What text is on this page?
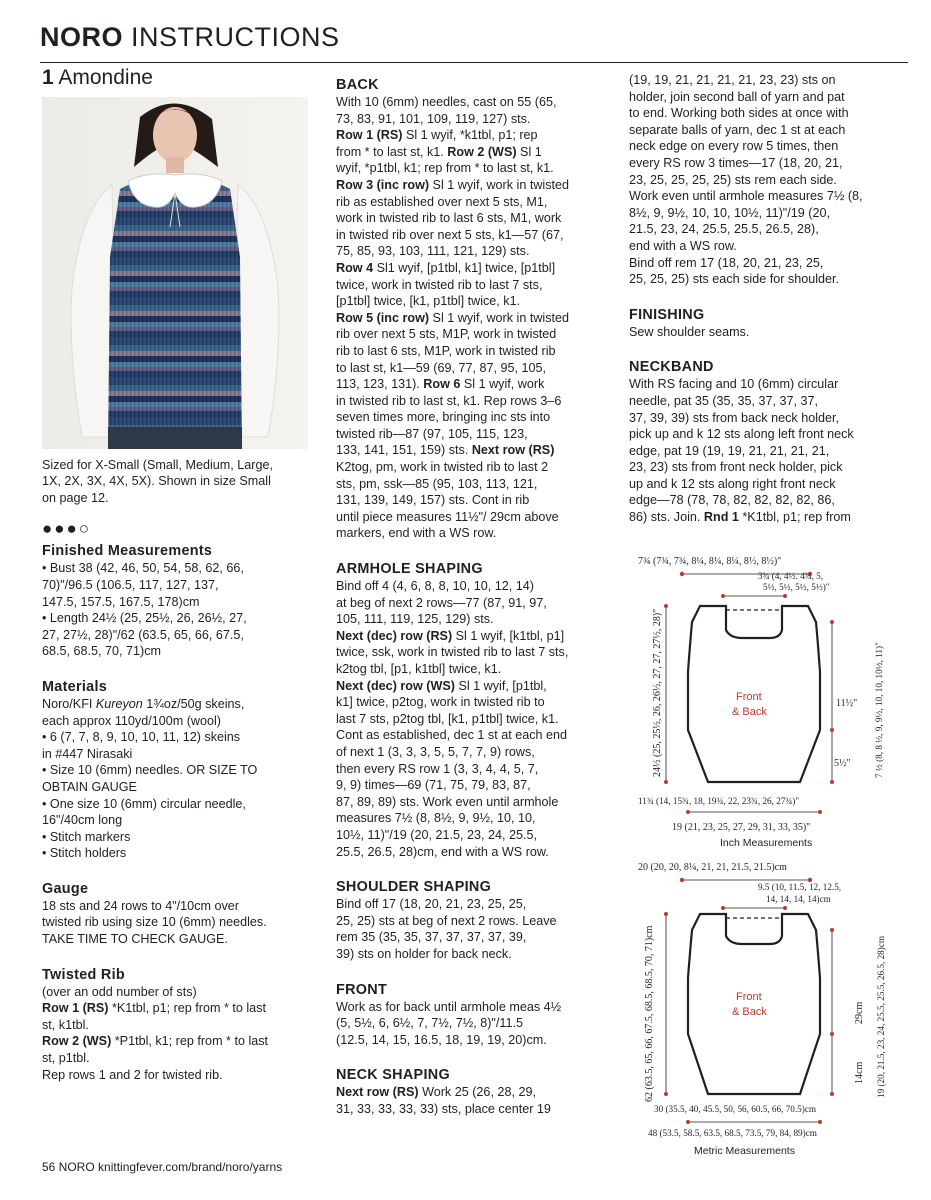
NORO INSTRUCTIONS
1 Amondine

Sized for X-Small (Small, Medium, Large,

1X, 2X, 3X, 4X, 5X). Shown in size Small

on page 12.

●●●○
Finished Measurements

• Bust 38 (42, 46, 50, 54, 58, 62, 66,

70)"/96.5 (106.5, 117, 127, 137,

147.5, 157.5, 167.5, 178)cm

• Length 24½ (25, 25½, 26, 26½, 27,

27, 27½, 28)"/62 (63.5, 65, 66, 67.5,

68.5, 68.5, 70, 71)cm

Materials

Noro/KFI Kureyon 1¾oz/50g skeins,

each approx 110yd/100m (wool)

• 6 (7, 7, 8, 9, 10, 10, 11, 12) skeins

in #447 Nirasaki

• Size 10 (6mm) needles. OR SIZE TO

OBTAIN GAUGE

• One size 10 (6mm) circular needle,

16"/40cm long

• Stitch markers

• Stitch holders

Gauge

18 sts and 24 rows to 4"/10cm over

twisted rib using size 10 (6mm) needles.

TAKE TIME TO CHECK GAUGE.

Twisted Rib

(over an odd number of sts)

Row 1 (RS) *K1tbl, p1; rep from * to last

st, k1tbl.

Row 2 (WS) *P1tbl, k1; rep from * to last

st, p1tbl.

Rep rows 1 and 2 for twisted rib.

BACK

With 10 (6mm) needles, cast on 55 (65,

73, 83, 91, 101, 109, 119, 127) sts.

Row 1 (RS) Sl 1 wyif, *k1tbl, p1; rep

from * to last st, k1. Row 2 (WS) Sl 1

wyif, *p1tbl, k1; rep from * to last st, k1.

Row 3 (inc row) Sl 1 wyif, work in twisted

rib as established over next 5 sts, M1,

work in twisted rib to last 6 sts, M1, work

in twisted rib over next 5 sts, k1—57 (67,

75, 85, 93, 103, 111, 121, 129) sts.

Row 4 Sl1 wyif, [p1tbl, k1] twice, [p1tbl]

twice, work in twisted rib to last 7 sts,

[p1tbl] twice, [k1, p1tbl] twice, k1.

Row 5 (inc row) Sl 1 wyif, work in twisted

rib over next 5 sts, M1P, work in twisted

rib to last 6 sts, M1P, work in twisted rib

to last st, k1—59 (69, 77, 87, 95, 105,

113, 123, 131). Row 6 Sl 1 wyif, work

in twisted rib to last st, k1. Rep rows 3–6

seven times more, bringing inc sts into

twisted rib—87 (97, 105, 115, 123,

133, 141, 151, 159) sts. Next row (RS)

K2tog, pm, work in twisted rib to last 2

sts, pm, ssk—85 (95, 103, 113, 121,

131, 139, 149, 157) sts. Cont in rib

until piece measures 11½"/ 29cm above

markers, end with a WS row.

ARMHOLE SHAPING

Bind off 4 (4, 6, 8, 8, 10, 10, 12, 14)

at beg of next 2 rows—77 (87, 91, 97,

105, 111, 119, 125, 129) sts.

Next (dec) row (RS) Sl 1 wyif, [k1tbl, p1]

twice, ssk, work in twisted rib to last 7 sts,

k2tog tbl, [p1, k1tbl] twice, k1.

Next (dec) row (WS) Sl 1 wyif, [p1tbl,

k1] twice, p2tog, work in twisted rib to

last 7 sts, p2tog tbl, [k1, p1tbl] twice, k1.

Cont as established, dec 1 st at each end

of next 1 (3, 3, 3, 5, 5, 7, 7, 9) rows,

then every RS row 1 (3, 3, 4, 4, 5, 7,

9, 9) times—69 (71, 75, 79, 83, 87,

87, 89, 89) sts. Work even until armhole

measures 7½ (8, 8½, 9, 9½, 10, 10,

10½, 11)"/19 (20, 21.5, 23, 24, 25.5,

25.5, 26.5, 28)cm, end with a WS row.

SHOULDER SHAPING

Bind off 17 (18, 20, 21, 23, 25, 25,

25, 25) sts at beg of next 2 rows. Leave

rem 35 (35, 35, 37, 37, 37, 37, 39,

39) sts on holder for back neck.

FRONT

Work as for back until armhole meas 4½

(5, 5½, 6, 6½, 7, 7½, 7½, 8)"/11.5

(12.5, 14, 15, 16.5, 18, 19, 19, 20)cm.

NECK SHAPING

Next row (RS) Work 25 (26, 28, 29,

31, 33, 33, 33, 33) sts, place center 19

(19, 19, 21, 21, 21, 21, 23, 23) sts on

holder, join second ball of yarn and pat

to end. Working both sides at once with

separate balls of yarn, dec 1 st at each

neck edge on every row 5 times, then

every RS row 3 times—17 (18, 20, 21,

23, 25, 25, 25, 25) sts rem each side.

Work even until armhole measures 7½ (8,

8½, 9, 9½, 10, 10, 10½, 11)"/19 (20,

21.5, 23, 24, 25.5, 25.5, 26.5, 28),

end with a WS row.

Bind off rem 17 (18, 20, 21, 23, 25,

25, 25, 25) sts each side for shoulder.

FINISHING

Sew shoulder seams.

NECKBAND

With RS facing and 10 (6mm) circular

needle, pat 35 (35, 35, 37, 37, 37,

37, 39, 39) sts from back neck holder,

pick up and k 12 sts along left front neck

edge, pat 19 (19, 19, 21, 21, 21, 21,

23, 23) sts from front neck holder, pick

up and k 12 sts along right front neck

edge—78 (78, 78, 82, 82, 82, 82, 86,

86) sts. Join. Rnd 1 *K1tbl, p1; rep from

7¾ (7¾, 7¾, 8¼, 8¼, 8¼, 8½, 8½)"
3¾ (4, 4½. 4¾, 5,
5½, 5½, 5½, 5½)"
24½ (25, 25½, 26, 26½, 27, 27, 27½, 28)"	7 ½ (8, 8 ½, 9, 9½, 10, 10, 10½, 11)"
11½"
5½"
Front
& Back
11¾ (14, 15¾, 18, 19¾, 22, 23¾, 26, 27¾)"
19 (21, 23, 25, 27, 29, 31, 33, 35)"
Inch Measurements
20 (20, 20, 8¼, 21, 21, 21.5, 21.5)cm
9.5 (10, 11.5, 12, 12.5,
14, 14, 14, 14)cm
62 (63.5, 65, 66, 67.5, 68.5, 68.5, 70, 71)cm	19 (20, 21.5, 23, 24, 25.5, 25.5, 26.5, 28)cm
29cm
14cm
Front
& Back
30 (35.5, 40, 45.5, 50, 56, 60.5, 66, 70.5)cm
48 (53.5, 58.5, 63.5, 68.5, 73.5, 79, 84, 89)cm
Metric Measurements
56 NORO knittingfever.com/brand/noro/yarns
